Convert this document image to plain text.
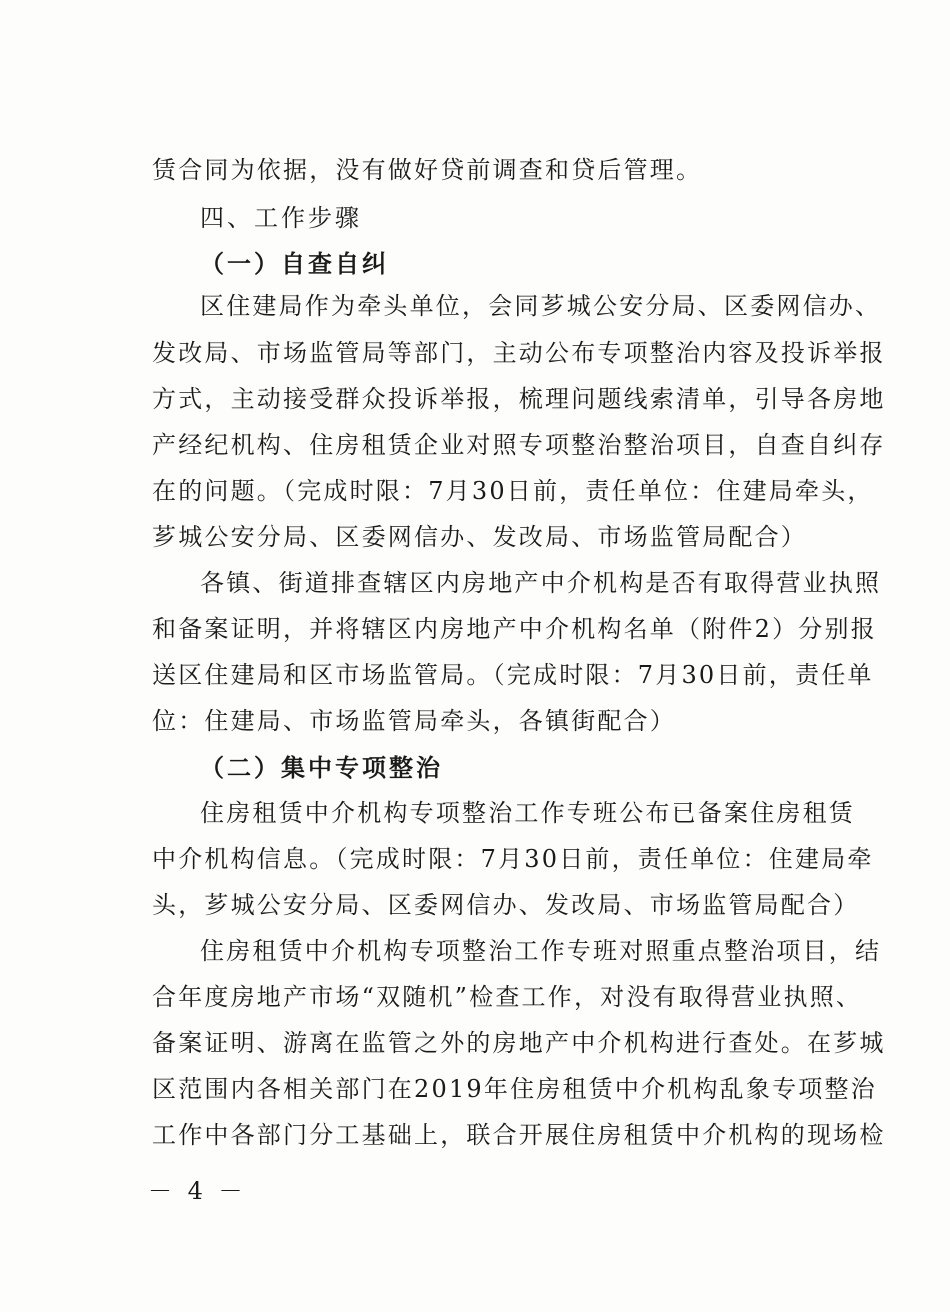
赁合同为依据，没有做好贷前调查和贷后管理。
四、工作步骤
（一）自查自纠
区住建局作为牵头单位，会同芗城公安分局、区委网信办、
发改局、市场监管局等部门，主动公布专项整治内容及投诉举报
方式，主动接受群众投诉举报，梳理问题线索清单，引导各房地
产经纪机构、住房租赁企业对照专项整治整治项目，自查自纠存
在的问题。（完成时限：7月30日前，责任单位：住建局牵头，
芗城公安分局、区委网信办、发改局、市场监管局配合）
各镇、街道排查辖区内房地产中介机构是否有取得营业执照
和备案证明，并将辖区内房地产中介机构名单（附件2）分别报
送区住建局和区市场监管局。（完成时限：7月30日前，责任单
位：住建局、市场监管局牵头，各镇街配合）
（二）集中专项整治
住房租赁中介机构专项整治工作专班公布已备案住房租赁
中介机构信息。（完成时限：7月30日前，责任单位：住建局牵
头，芗城公安分局、区委网信办、发改局、市场监管局配合）
住房租赁中介机构专项整治工作专班对照重点整治项目，结
合年度房地产市场“双随机”检查工作，对没有取得营业执照、
备案证明、游离在监管之外的房地产中介机构进行查处。在芗城
区范围内各相关部门在2019年住房租赁中介机构乱象专项整治
工作中各部门分工基础上，联合开展住房租赁中介机构的现场检
－ 4 －
